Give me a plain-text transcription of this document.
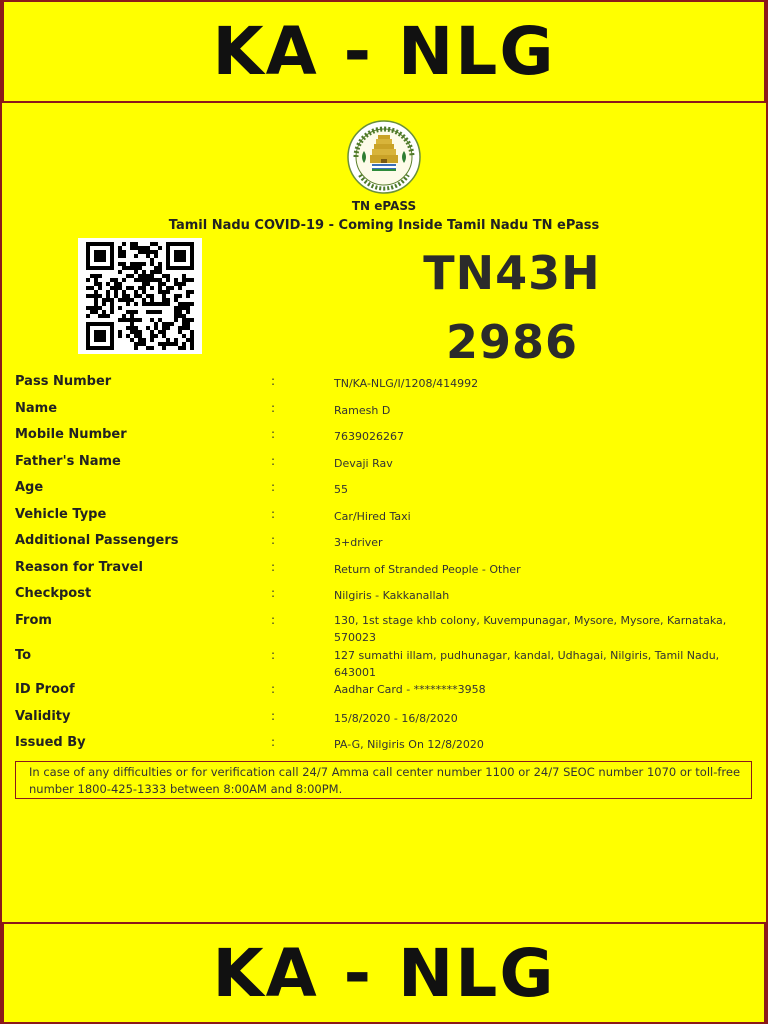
KA - NLG
TN ePASS
Tamil Nadu COVID-19 - Coming Inside Tamil Nadu TN ePass
TN43H
2986
Pass Number	:	TN/KA-NLG/I/1208/414992
Name	:	Ramesh D
Mobile Number	:	7639026267
Father's Name	:	Devaji Rav
Age	:	55
Vehicle Type	:	Car/Hired Taxi
Additional Passengers	:	3+driver
Reason for Travel	:	Return of Stranded People - Other
Checkpost	:	Nilgiris - Kakkanallah
From	:	130, 1st stage khb colony, Kuvempunagar, Mysore, Mysore, Karnataka, 570023
To	:	127 sumathi illam, pudhunagar, kandal, Udhagai, Nilgiris, Tamil Nadu, 643001
ID Proof	:	Aadhar Card - ********3958
Validity	:	15/8/2020 - 16/8/2020
Issued By	:	PA-G, Nilgiris On 12/8/2020
In case of any difficulties or for verification call 24/7 Amma call center number 1100 or 24/7 SEOC number 1070 or toll-free number 1800-425-1333 between 8:00AM and 8:00PM.
KA - NLG
